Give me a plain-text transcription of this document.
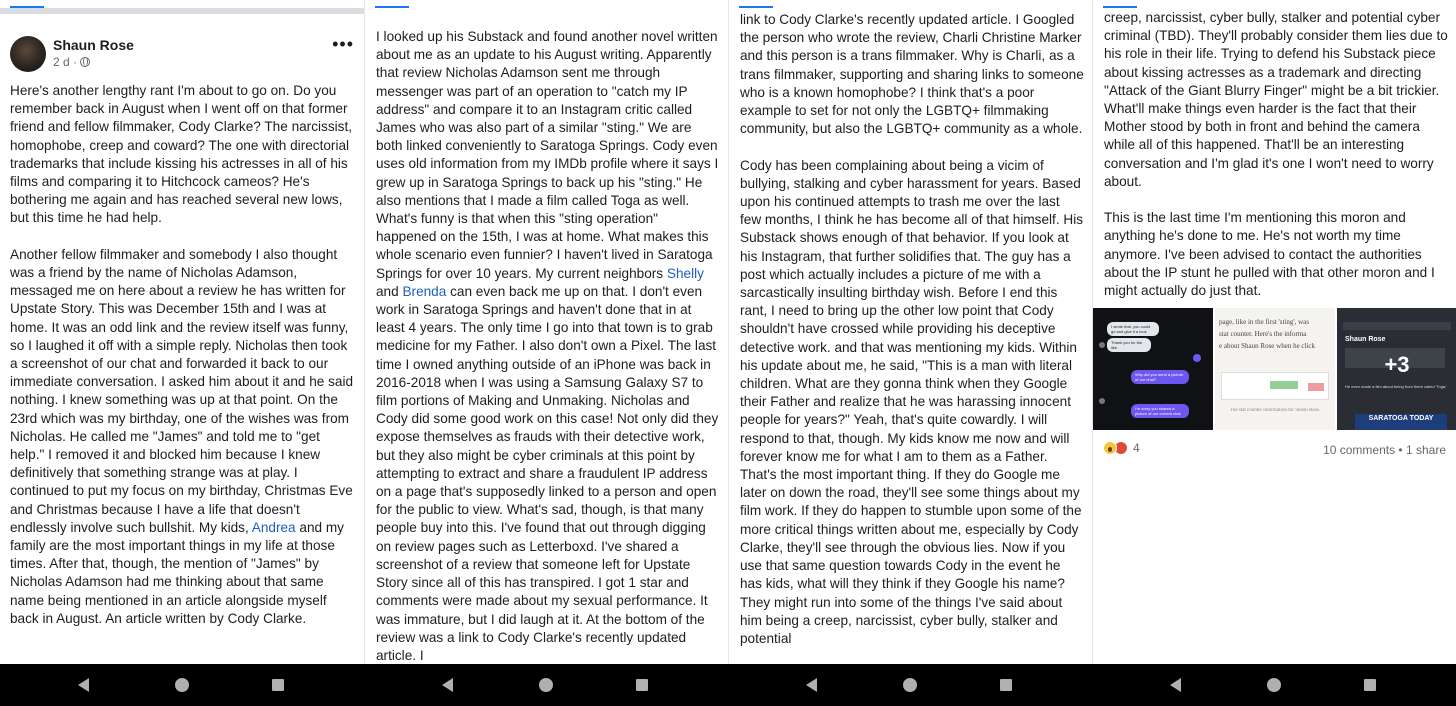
Shaun Rose
2 d ·
•••
Here's another lengthy rant I'm about to go on. Do you remember back in August when I went off on that former friend and fellow filmmaker, Cody Clarke? The narcissist, homophobe, creep and coward? The one with directorial trademarks that include kissing his actresses in all of his films and comparing it to Hitchcock cameos? He's bothering me again and has reached several new lows, but this time he had help.

Another fellow filmmaker and somebody I also thought was a friend by the name of Nicholas Adamson, messaged me on here about a review he has written for Upstate Story. This was December 15th and I was at home. It was an odd link and the review itself was funny, so I laughed it off with a simple reply. Nicholas then took a screenshot of our chat and forwarded it back to our immediate conversation. I asked him about it and he said nothing. I knew something was up at that point. On the 23rd which was my birthday, one of the wishes was from Nicholas. He called me "James" and told me to "get help." I removed it and blocked him because I knew definitively that something strange was at play. I continued to put my focus on my birthday, Christmas Eve and Christmas because I have a life that doesn't endlessly involve such bullshit. My kids, Andrea and my family are the most important things in my life at those times. After that, though, the mention of "James" by Nicholas Adamson had me thinking about that same name being mentioned in an article alongside myself back in August. An article written by Cody Clarke.
I looked up his Substack and found another novel written about me as an update to his August writing. Apparently that review Nicholas Adamson sent me through messenger was part of an operation to "catch my IP address" and compare it to an Instagram critic called James who was also part of a similar "sting." We are both linked conveniently to Saratoga Springs. Cody even uses old information from my IMDb profile where it says I grew up in Saratoga Springs to back up his "sting." He also mentions that I made a film called Toga as well. What's funny is that when this "sting operation" happened on the 15th, I was at home. What makes this whole scenario even funnier? I haven't lived in Saratoga Springs for over 10 years. My current neighbors Shelly and Brenda can even back me up on that. I don't even work in Saratoga Springs and haven't done that in at least 4 years. The only time I go into that town is to grab medicine for my Father. I also don't own a Pixel. The last time I owned anything outside of an iPhone was back in 2016-2018 when I was using a Samsung Galaxy S7 to film portions of Making and Unmaking. Nicholas and Cody did some good work on this case! Not only did they expose themselves as frauds with their detective work, but they also might be cyber criminals at this point by attempting to extract and share a fraudulent IP address on a page that's supposedly linked to a person and open for the public to view. What's sad, though, is that many people buy into this. I've found that out through digging on review pages such as Letterboxd. I've shared a  screenshot of a review that someone left for Upstate Story since all of this has transpired. I got 1 star and comments were made about my sexual performance. It was immature, but I did laugh at it. At the bottom of the review was a link to Cody Clarke's recently updated article. I
link to Cody Clarke's recently updated article. I Googled the person who wrote the review, Charli Christine Marker and this person is a trans filmmaker. Why is Charli, as a trans filmmaker, supporting and sharing links to someone who is a known homophobe? I think that's a poor example to set for not only the LGBTQ+ filmmaking community, but also the LGBTQ+ community as a whole.

Cody has been complaining about being a vicim of bullying, stalking and cyber harassment for years. Based upon his continued attempts to trash me over the last few months, I think he has become all of that himself. His Substack shows enough of that behavior. If you look at his Instagram, that further solidifies that. The guy has a post which actually includes a picture of me with a sarcastically insulting birthday wish. Before I end this rant, I need to bring up the other low point that Cody shouldn't have crossed while providing his deceptive detective work. and that was mentioning my kids. Within his update about me, he said, "This is a man with literal children. What are they gonna think when they Google their Father and realize that he was harassing innocent people for years?" Yeah, that's quite cowardly. I will respond to that, though. My kids know me now and will forever know me for what I am to them as a Father. That's the most important thing. If they do Google me later on down the road, they'll see some things about my film work. If they do happen to stumble upon some of the more critical things written about me, especially by Cody Clarke, they'll see through the obvious lies. Now if you use that same question towards Cody in the event he has kids, what will they think if they Google his name? They might run into some of the things I've said about him being a creep, narcissist, cyber bully, stalker and potential
creep, narcissist, cyber bully, stalker and potential cyber criminal (TBD). They'll probably consider them lies due to his role in their life. Trying to defend his Substack piece about kissing actresses as a trademark and directing "Attack of the Giant Blurry Finger" might be a bit trickier. What'll make things even harder is the fact that their Mother stood by both in front and behind the camera while all of this happened. That'll be an interesting conversation and I'm glad it's one I won't need to worry about.

This is the last time I'm mentioning this moron and anything he's done to me. He's not worth my time anymore. I've been advised to contact the authorities about the IP stunt he pulled with that other moron and I might actually do just that.
I wrote that, you could go and give it a look
Thank you for the like.
Why did you send a picture of our chat?
I'm sorry you shared a picture of our current chat
page, like in the first 'sting', was
stat counter. Here's the informa
e about Shaun Rose when he click
The stat counter information for Shaun Rose.
Shaun Rose
He even made a film about being from there called 'Toga.'
+3
SARATOGA TODAY
4	10 comments • 1 share
